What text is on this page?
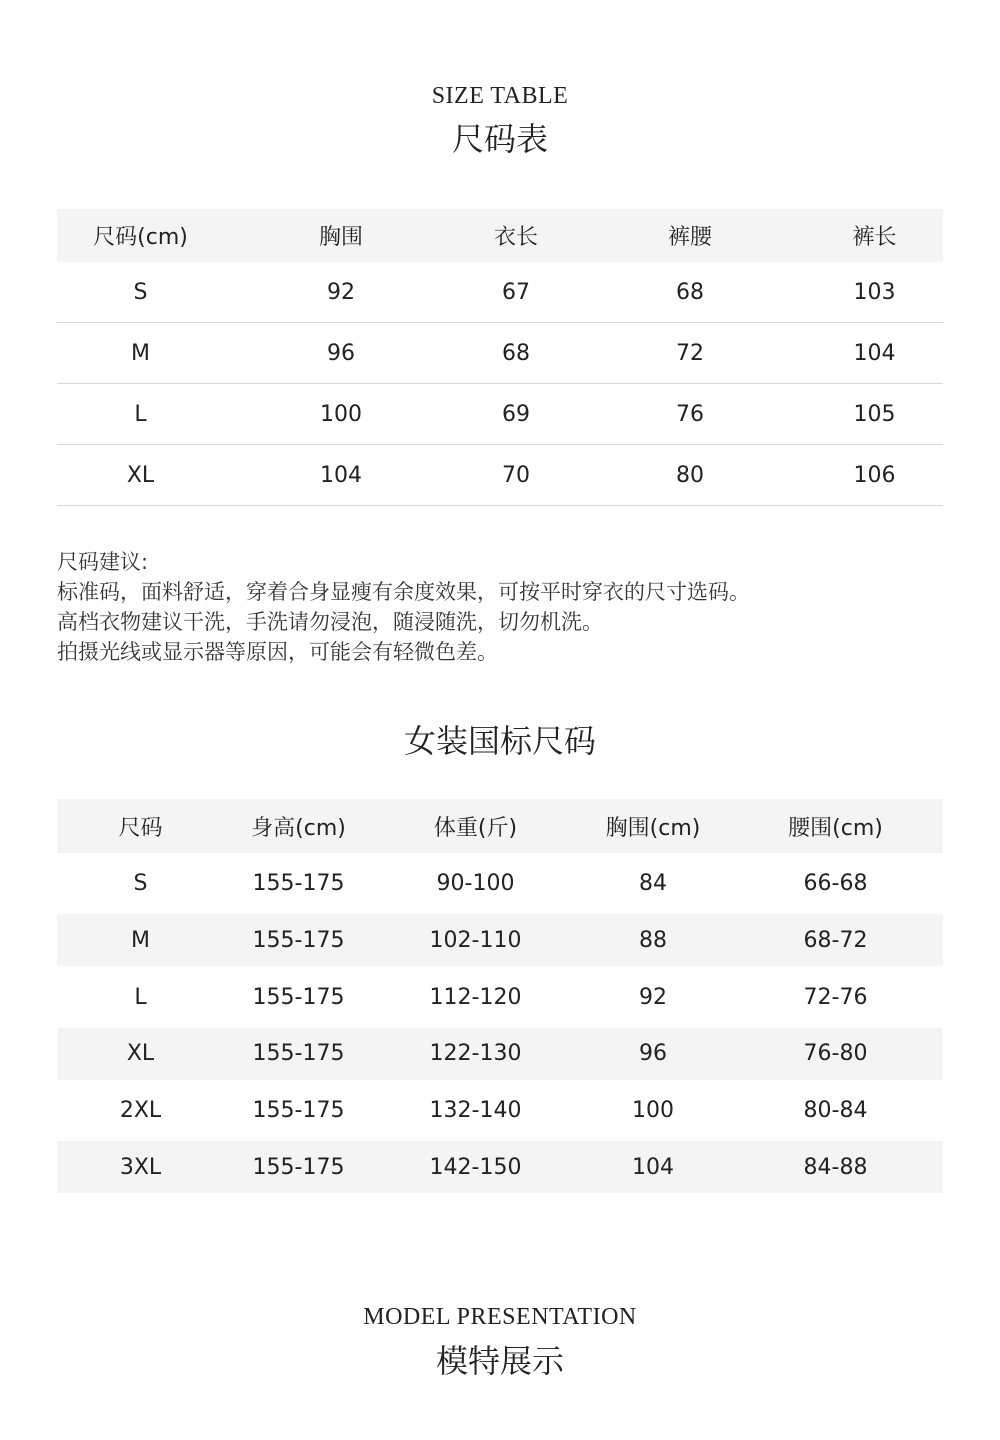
SIZE TABLE
尺码表
尺码(cm)	胸围	衣长	裤腰	裤长
S	92	67	68	103
M	96	68	72	104
L	100	69	76	105
XL	104	70	80	106
尺码建议:
标准码，面料舒适，穿着合身显瘦有余度效果，可按平时穿衣的尺寸选码。
高档衣物建议干洗，手洗请勿浸泡，随浸随洗，切勿机洗。
拍摄光线或显示器等原因，可能会有轻微色差。
女装国标尺码
尺码	身高(cm)	体重(斤)	胸围(cm)	腰围(cm)
S	155-175	90-100	84	66-68
M	155-175	102-110	88	68-72
L	155-175	112-120	92	72-76
XL	155-175	122-130	96	76-80
2XL	155-175	132-140	100	80-84
3XL	155-175	142-150	104	84-88
MODEL PRESENTATION
模特展示
